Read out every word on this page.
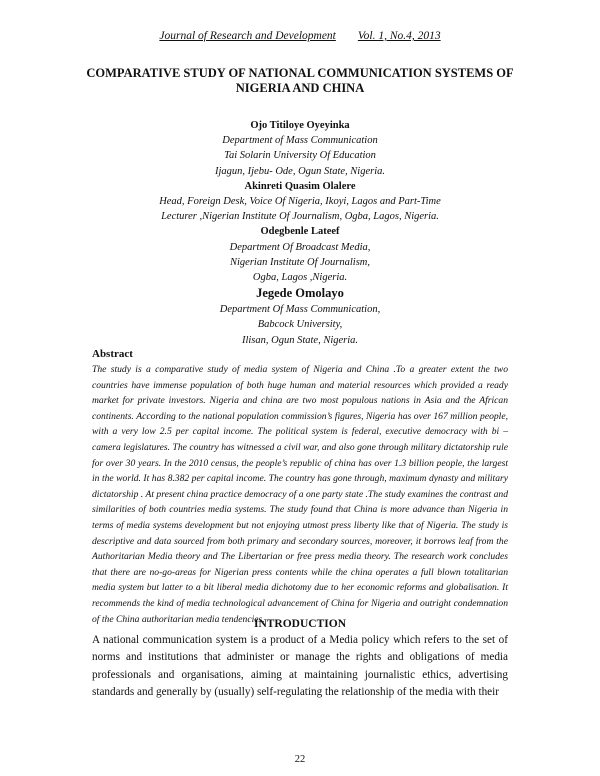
Journal of Research and Development Vol. 1, No.4, 2013
COMPARATIVE STUDY OF NATIONAL COMMUNICATION SYSTEMS OF NIGERIA AND CHINA
Ojo Titiloye Oyeyinka
Department of Mass Communication
Tai Solarin University Of Education
Ijagun, Ijebu- Ode, Ogun State, Nigeria.
Akinreti Quasim Olalere
Head, Foreign Desk, Voice Of Nigeria, Ikoyi, Lagos and Part-Time
Lecturer ,Nigerian Institute Of Journalism, Ogba, Lagos, Nigeria.
Odegbenle Lateef
Department Of Broadcast Media,
Nigerian Institute Of Journalism,
Ogba, Lagos ,Nigeria.
Jegede Omolayo
Department Of Mass Communication,
Babcock University,
Ilisan, Ogun State, Nigeria.
Abstract
The study is a comparative study of media system of Nigeria and China .To a greater extent the two countries have immense population of both huge human and material resources which provided a ready market for private investors. Nigeria and china are two most populous nations in Asia and the African continents. According to the national population commission’s figures, Nigeria has over 167 million people, with a very low 2.5 per capital income. The political system is federal, executive democracy with bi –camera legislatures. The country has witnessed a civil war, and also gone through military dictatorship rule for over 30 years. In the 2010 census, the people’s republic of china has over 1.3 billion people, the largest in the world. It has 8.382 per capital income. The country has gone through, maximum dynasty and military dictatorship . At present china practice democracy of a one party state .The study examines the contrast and similarities of both countries media systems. The study found that China is more advance than Nigeria in terms of media systems development but not enjoying utmost press liberty like that of Nigeria. The study is descriptive and data sourced from both primary and secondary sources, moreover, it borrows leaf from the Authoritarian Media theory and The Libertarian or free press media theory. The research work concludes that there are no-go-areas for Nigerian press contents while the china operates a full blown totalitarian media system but latter to a bit liberal media dichotomy due to her economic reforms and globalisation. It recommends the kind of media technological advancement of China for Nigeria and outright condemnation of the China authoritarian media tendencies.
INTRODUCTION
A national communication system is a product of a Media policy which refers to the set of norms and institutions that administer or manage the rights and obligations of media professionals and organisations, aiming at maintaining journalistic ethics, advertising standards and generally by (usually) self-regulating the relationship of the media with their
22
